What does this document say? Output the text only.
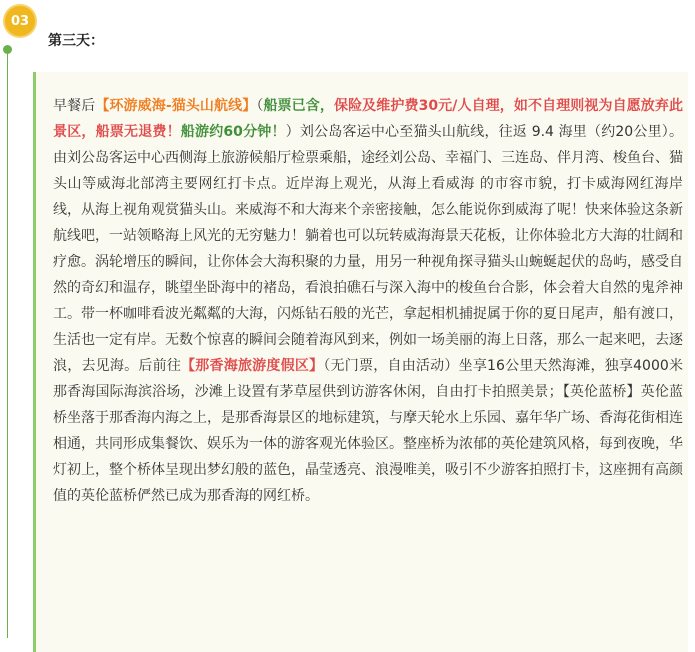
03
第三天：

早餐后【环游威海-猫头山航线】（船票已含，保险及维护费30元/人自理，如不自理则视为自愿放弃此景区，船票无退费！船游约60分钟！）刘公岛客运中心至猫头山航线，往返 9.4 海里（约20公里）。由刘公岛客运中心西侧海上旅游候船厅检票乘船，途经刘公岛、幸福门、三连岛、伴月湾、梭鱼台、猫头山等威海北部湾主要网红打卡点。近岸海上观光，从海上看威海 的市容市貌，打卡威海网红海岸线，从海上视角观赏猫头山。来威海不和大海来个亲密接触，怎么能说你到威海了呢！快来体验这条新航线吧，一站领略海上风光的无穷魅力！躺着也可以玩转威海海景天花板，让你体验北方大海的壮阔和疗愈。涡轮增压的瞬间，让你体会大海积聚的力量，用另一种视角探寻猫头山蜿蜒起伏的岛屿，感受自然的奇幻和温存，眺望坐卧海中的褚岛，看浪拍礁石与深入海中的梭鱼台合影，体会着大自然的鬼斧神工。带一杯咖啡看波光粼粼的大海，闪烁钻石般的光芒，拿起相机捕捉属于你的夏日尾声，船有渡口，生活也一定有岸。无数个惊喜的瞬间会随着海风到来，例如一场美丽的海上日落，那么一起来吧，去逐浪，去见海。后前往【那香海旅游度假区】（无门票，自由活动）坐享16公里天然海滩，独享4000米那香海国际海滨浴场，沙滩上设置有茅草屋供到访游客休闲，自由打卡拍照美景；【英伦蓝桥】英伦蓝桥坐落于那香海内海之上，是那香海景区的地标建筑，与摩天轮水上乐园、嘉年华广场、香海花街相连相通，共同形成集餐饮、娱乐为一体的游客观光体验区。整座桥为浓郁的英伦建筑风格，每到夜晚，华灯初上，整个桥体呈现出梦幻般的蓝色，晶莹透亮、浪漫唯美，吸引不少游客拍照打卡，这座拥有高颜值的英伦蓝桥俨然已成为那香海的网红桥。
